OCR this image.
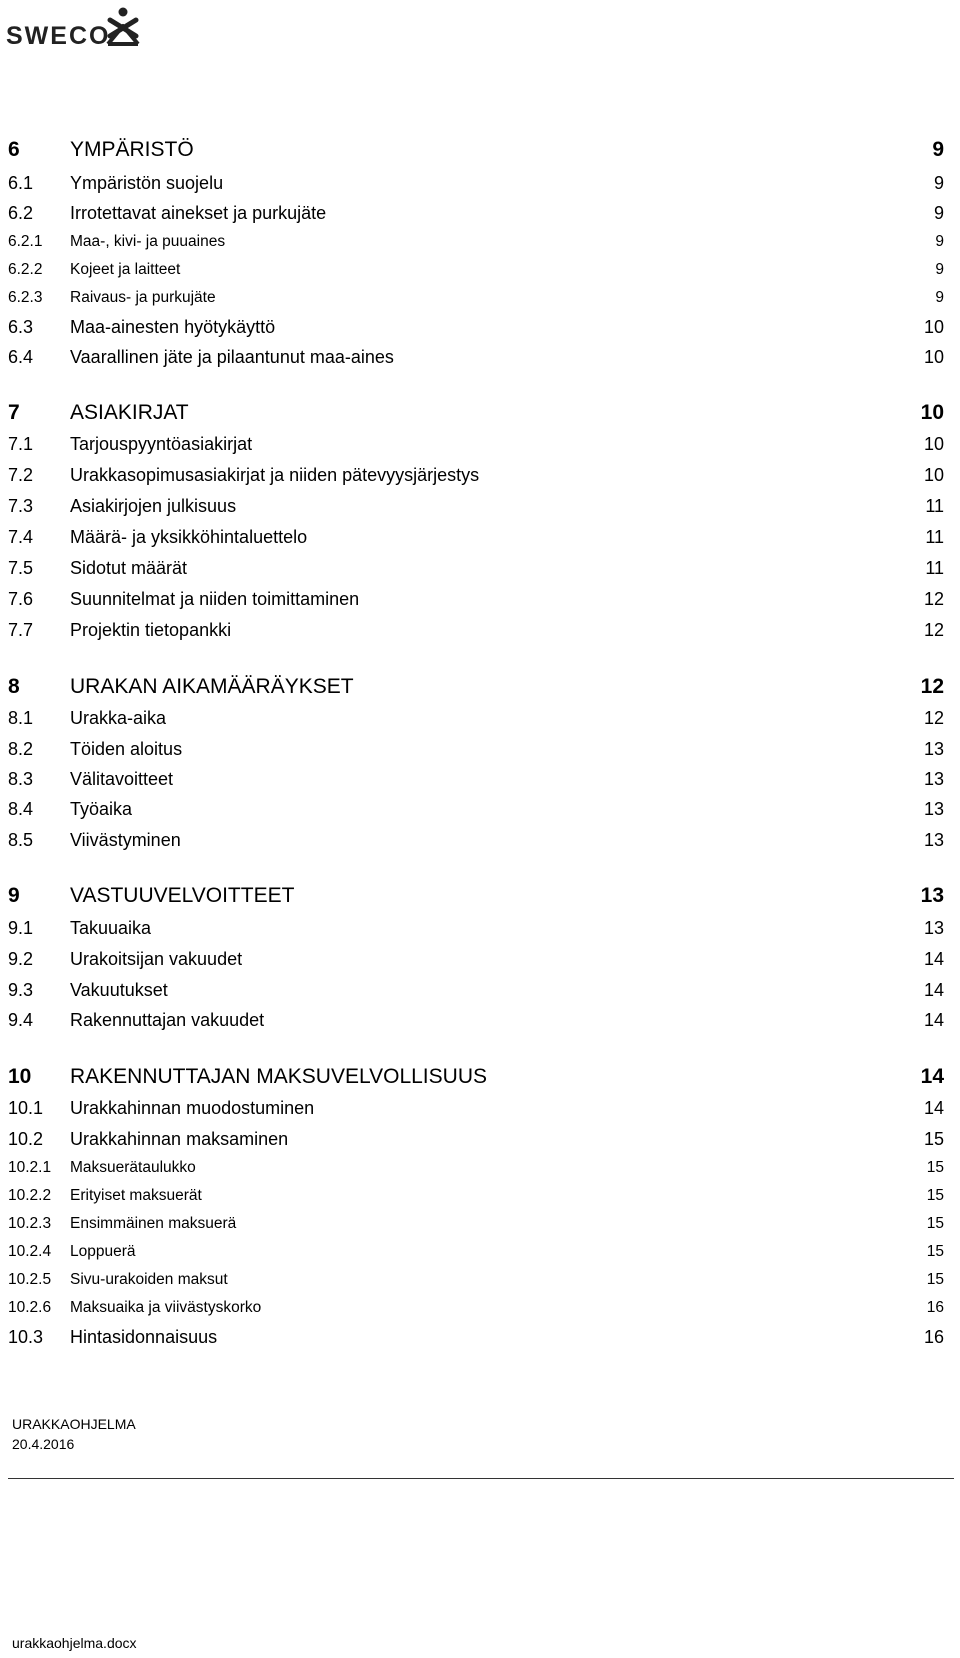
SWECO
6 YMPÄRISTÖ	9
6.1 Ympäristön suojelu	9
6.2 Irrotettavat ainekset ja purkujäte	9
6.2.1 Maa-, kivi- ja puuaines	9
6.2.2 Kojeet ja laitteet	9
6.2.3 Raivaus- ja purkujäte	9
6.3 Maa-ainesten hyötykäyttö	10
6.4 Vaarallinen jäte ja pilaantunut maa-aines	10
7 ASIAKIRJAT	10
7.1 Tarjouspyyntöasiakirjat	10
7.2 Urakkasopimusasiakirjat ja niiden pätevyysjärjestys	10
7.3 Asiakirjojen julkisuus	11
7.4 Määrä- ja yksikköhintaluettelo	11
7.5 Sidotut määrät	11
7.6 Suunnitelmat ja niiden toimittaminen	12
7.7 Projektin tietopankki	12
8 URAKAN AIKAMÄÄRÄYKSET	12
8.1 Urakka-aika	12
8.2 Töiden aloitus	13
8.3 Välitavoitteet	13
8.4 Työaika	13
8.5 Viivästyminen	13
9 VASTUUVELVOITTEET	13
9.1 Takuuaika	13
9.2 Urakoitsijan vakuudet	14
9.3 Vakuutukset	14
9.4 Rakennuttajan vakuudet	14
10 RAKENNUTTAJAN MAKSUVELVOLLISUUS	14
10.1 Urakkahinnan muodostuminen	14
10.2 Urakkahinnan maksaminen	15
10.2.1 Maksuerätaulukko	15
10.2.2 Erityiset maksuerät	15
10.2.3 Ensimmäinen maksuerä	15
10.2.4 Loppuerä	15
10.2.5 Sivu-urakoiden maksut	15
10.2.6 Maksuaika ja viivästyskorko	16
10.3 Hintasidonnaisuus	16
URAKKAOHJELMA
20.4.2016
urakkaohjelma.docx
